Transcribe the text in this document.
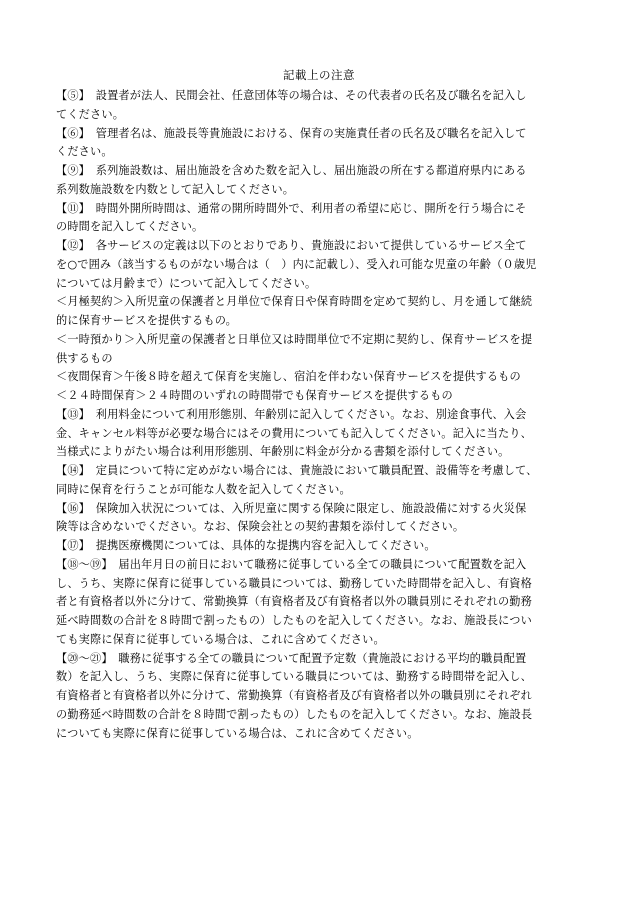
記載上の注意
【⑤】　設置者が法人、民間会社、任意団体等の場合は、その代表者の氏名及び職名を記入し
てください。
【⑥】　管理者名は、施設長等貴施設における、保育の実施責任者の氏名及び職名を記入して
ください。
【⑨】　系列施設数は、届出施設を含めた数を記入し、届出施設の所在する都道府県内にある
系列数施設数を内数として記入してください。
【⑪】　時間外開所時間は、通常の開所時間外で、利用者の希望に応じ、開所を行う場合にそ
の時間を記入してください。
【⑫】　各サービスの定義は以下のとおりであり、貴施設において提供しているサービス全て
を○で囲み（該当するものがない場合は（　）内に記載し）、受入れ可能な児童の年齢（０歳児
については月齢まで）について記入してください。
＜月極契約＞入所児童の保護者と月単位で保育日や保育時間を定めて契約し、月を通して継続
的に保育サービスを提供するもの。
＜一時預かり＞入所児童の保護者と日単位又は時間単位で不定期に契約し、保育サービスを提
供するもの
＜夜間保育＞午後８時を超えて保育を実施し、宿泊を伴わない保育サービスを提供するもの
＜２４時間保育＞２４時間のいずれの時間帯でも保育サービスを提供するもの
【⑬】　利用料金について利用形態別、年齢別に記入してください。なお、別途食事代、入会
金、キャンセル料等が必要な場合にはその費用についても記入してください。記入に当たり、
当様式によりがたい場合は利用形態別、年齢別に料金が分かる書類を添付してください。
【⑭】　定員について特に定めがない場合には、貴施設において職員配置、設備等を考慮して、
同時に保育を行うことが可能な人数を記入してください。
【⑯】　保険加入状況については、入所児童に関する保険に限定し、施設設備に対する火災保
険等は含めないでください。なお、保険会社との契約書類を添付してください。
【⑰】　提携医療機関については、具体的な提携内容を記入してください。
【⑱～⑲】　届出年月日の前日において職務に従事している全ての職員について配置数を記入
し、うち、実際に保育に従事している職員については、勤務していた時間帯を記入し、有資格
者と有資格者以外に分けて、常勤換算（有資格者及び有資格者以外の職員別にそれぞれの勤務
延べ時間数の合計を８時間で割ったもの）したものを記入してください。なお、施設長につい
ても実際に保育に従事している場合は、これに含めてください。
【⑳～㉑】　職務に従事する全ての職員について配置予定数（貴施設における平均的職員配置
数）を記入し、うち、実際に保育に従事している職員については、勤務する時間帯を記入し、
有資格者と有資格者以外に分けて、常勤換算（有資格者及び有資格者以外の職員別にそれぞれ
の勤務延べ時間数の合計を８時間で割ったもの）したものを記入してください。なお、施設長
についても実際に保育に従事している場合は、これに含めてください。
